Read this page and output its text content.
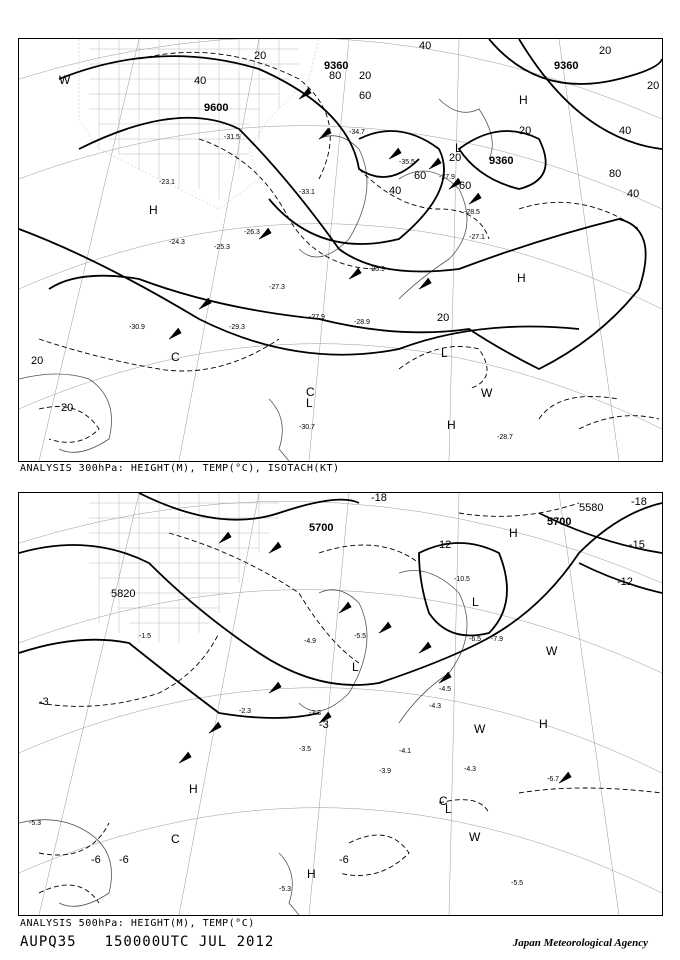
9360	9360
9600
9360
20
40
60
80 20
40
60
40
20
60
20
20
40
80
20
40
20
20
20
-34.7
-35.5
-33.1
-31.5
-27.9
-28.5
-27.1
-25.3
-26.3
-23.1
-27.9
-29.3
-28.9
-30.9
-30.7
-28.7
-27.3
-25.9
-24.3
H
H
H
H
L
L
L
W
W
C
C
ANALYSIS 300hPa: HEIGHT(M), TEMP(°C), ISOTACH(KT)
5700	5700
5820
5580	-18
-15
-12
-3
-6 -6	-6
-3
12
-18
-10.5
-6.5 -7.9
-4.9
-5.5
-4.3
-4.1
-3.9
-3.5
-3.3
-5.3
-6.7
-4.3
-5.5
-2.3
-1.5
-4.5
-5.3
H
H
H
H
L
L
L
W
W
W
C
C
ANALYSIS 500hPa: HEIGHT(M), TEMP(°C)
AUPQ35 150000UTC JUL 2012	Japan Meteorological Agency
